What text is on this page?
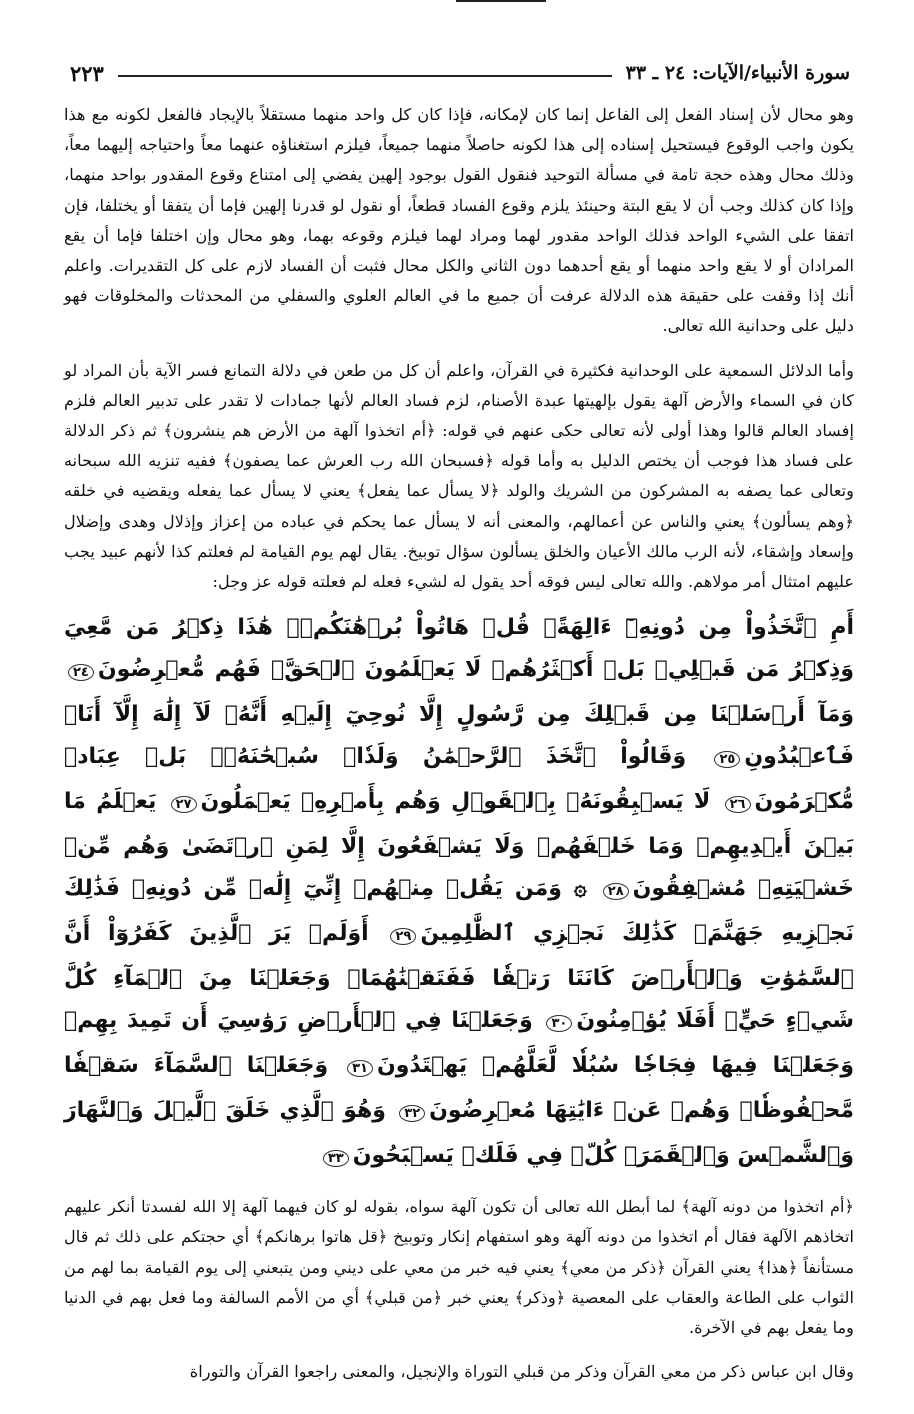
سورة الأنبياء/الآيات: ٢٤ ـ ٣٣
٢٢٣

وهو محال لأن إسناد الفعل إلى الفاعل إنما كان لإمكانه، فإذا كان كل واحد منهما مستقلاً بالإيجاد فالفعل لكونه مع هذا يكون واجب الوقوع فيستحيل إسناده إلى هذا لكونه حاصلاً منهما جميعاً، فيلزم استغناؤه عنهما معاً واحتياجه إليهما معاً، وذلك محال وهذه حجة تامة في مسألة التوحيد فنقول القول بوجود إلهين يفضي إلى امتناع وقوع المقدور بواحد منهما، وإذا كان كذلك وجب أن لا يقع البتة وحينئذ يلزم وقوع الفساد قطعاً، أو نقول لو قدرنا إلهين فإما أن يتفقا أو يختلفا، فإن اتفقا على الشيء الواحد فذلك الواحد مقدور لهما ومراد لهما فيلزم وقوعه بهما، وهو محال وإن اختلفا فإما أن يقع المرادان أو لا يقع واحد منهما أو يقع أحدهما دون الثاني والكل محال فثبت أن الفساد لازم على كل التقديرات. واعلم أنك إذا وقفت على حقيقة هذه الدلالة عرفت أن جميع ما في العالم العلوي والسفلي من المحدثات والمخلوقات فهو دليل على وحدانية الله تعالى.

وأما الدلائل السمعية على الوحدانية فكثيرة في القرآن، واعلم أن كل من طعن في دلالة التمانع فسر الآية بأن المراد لو كان في السماء والأرض آلهة يقول بإلهيتها عبدة الأصنام، لزم فساد العالم لأنها جمادات لا تقدر على تدبير العالم فلزم إفساد العالم قالوا وهذا أولى لأنه تعالى حكى عنهم في قوله: ﴿أم اتخذوا آلهة من الأرض هم ينشرون﴾ ثم ذكر الدلالة على فساد هذا فوجب أن يختص الدليل به وأما قوله ﴿فسبحان الله رب العرش عما يصفون﴾ ففيه تنزيه الله سبحانه وتعالى عما يصفه به المشركون من الشريك والولد ﴿لا يسأل عما يفعل﴾ يعني لا يسأل عما يفعله ويقضيه في خلقه ﴿وهم يسألون﴾ يعني والناس عن أعمالهم، والمعنى أنه لا يسأل عما يحكم في عباده من إعزاز وإذلال وهدى وإضلال وإسعاد وإشقاء، لأنه الرب مالك الأعيان والخلق يسألون سؤال توبيخ. يقال لهم يوم القيامة لم فعلتم كذا لأنهم عبيد يجب عليهم امتثال أمر مولاهم. والله تعالى ليس فوقه أحد يقول له لشيء فعله لم فعلته قوله عز وجل:

أَمِ ٱتَّخَذُواْ مِن دُونِهِۦٓ ءَالِهَةًۖ قُلۡ هَاتُواْ بُرۡهَٰنَكُمۡۖ هَٰذَا ذِكۡرُ مَن مَّعِيَ وَذِكۡرُ مَن قَبۡلِيۚ بَلۡ أَكۡثَرُهُمۡ لَا يَعۡلَمُونَ ٱلۡحَقَّۖ فَهُم مُّعۡرِضُونَ٢٤ وَمَآ أَرۡسَلۡنَا مِن قَبۡلِكَ مِن رَّسُولٍ إِلَّا نُوحِيٓ إِلَيۡهِ أَنَّهُۥ لَآ إِلَٰهَ إِلَّآ أَنَا۠ فَٱعۡبُدُونِ٢٥ وَقَالُواْ ٱتَّخَذَ ٱلرَّحۡمَٰنُ وَلَدٗاۗ سُبۡحَٰنَهُۥۚ بَلۡ عِبَادٞ مُّكۡرَمُونَ٢٦ لَا يَسۡبِقُونَهُۥ بِٱلۡقَوۡلِ وَهُم بِأَمۡرِهِۦ يَعۡمَلُونَ٢٧ يَعۡلَمُ مَا بَيۡنَ أَيۡدِيهِمۡ وَمَا خَلۡفَهُمۡ وَلَا يَشۡفَعُونَ إِلَّا لِمَنِ ٱرۡتَضَىٰ وَهُم مِّنۡ خَشۡيَتِهِۦ مُشۡفِقُونَ٢٨ ۞ وَمَن يَقُلۡ مِنۡهُمۡ إِنِّيٓ إِلَٰهٞ مِّن دُونِهِۦ فَذَٰلِكَ نَجۡزِيهِ جَهَنَّمَۚ كَذَٰلِكَ نَجۡزِي ٱلظَّٰلِمِينَ٢٩ أَوَلَمۡ يَرَ ٱلَّذِينَ كَفَرُوٓاْ أَنَّ ٱلسَّمَٰوَٰتِ وَٱلۡأَرۡضَ كَانَتَا رَتۡقٗا فَفَتَقۡنَٰهُمَاۖ وَجَعَلۡنَا مِنَ ٱلۡمَآءِ كُلَّ شَيۡءٍ حَيٍّۚ أَفَلَا يُؤۡمِنُونَ٣٠ وَجَعَلۡنَا فِي ٱلۡأَرۡضِ رَوَٰسِيَ أَن تَمِيدَ بِهِمۡ وَجَعَلۡنَا فِيهَا فِجَاجٗا سُبُلٗا لَّعَلَّهُمۡ يَهۡتَدُونَ٣١ وَجَعَلۡنَا ٱلسَّمَآءَ سَقۡفٗا مَّحۡفُوظٗاۖ وَهُمۡ عَنۡ ءَايَٰتِهَا مُعۡرِضُونَ٣٢ وَهُوَ ٱلَّذِي خَلَقَ ٱلَّيۡلَ وَٱلنَّهَارَ وَٱلشَّمۡسَ وَٱلۡقَمَرَۖ كُلّٞ فِي فَلَكٖ يَسۡبَحُونَ٣٣

﴿أم اتخذوا من دونه آلهة﴾ لما أبطل الله تعالى أن تكون آلهة سواه، بقوله لو كان فيهما آلهة إلا الله لفسدتا أنكر عليهم اتخاذهم الآلهة فقال أم اتخذوا من دونه آلهة وهو استفهام إنكار وتوبيخ ﴿قل هاتوا برهانكم﴾ أي حجتكم على ذلك ثم قال مستأنفاً ﴿هذا﴾ يعني القرآن ﴿ذكر من معي﴾ يعني فيه خبر من معي على ديني ومن يتبعني إلى يوم القيامة بما لهم من الثواب على الطاعة والعقاب على المعصية ﴿وذكر﴾ يعني خبر ﴿من قبلي﴾ أي من الأمم السالفة وما فعل بهم في الدنيا وما يفعل بهم في الآخرة.

وقال ابن عباس ذكر من معي القرآن وذكر من قبلي التوراة والإنجيل، والمعنى راجعوا القرآن والتوراة
